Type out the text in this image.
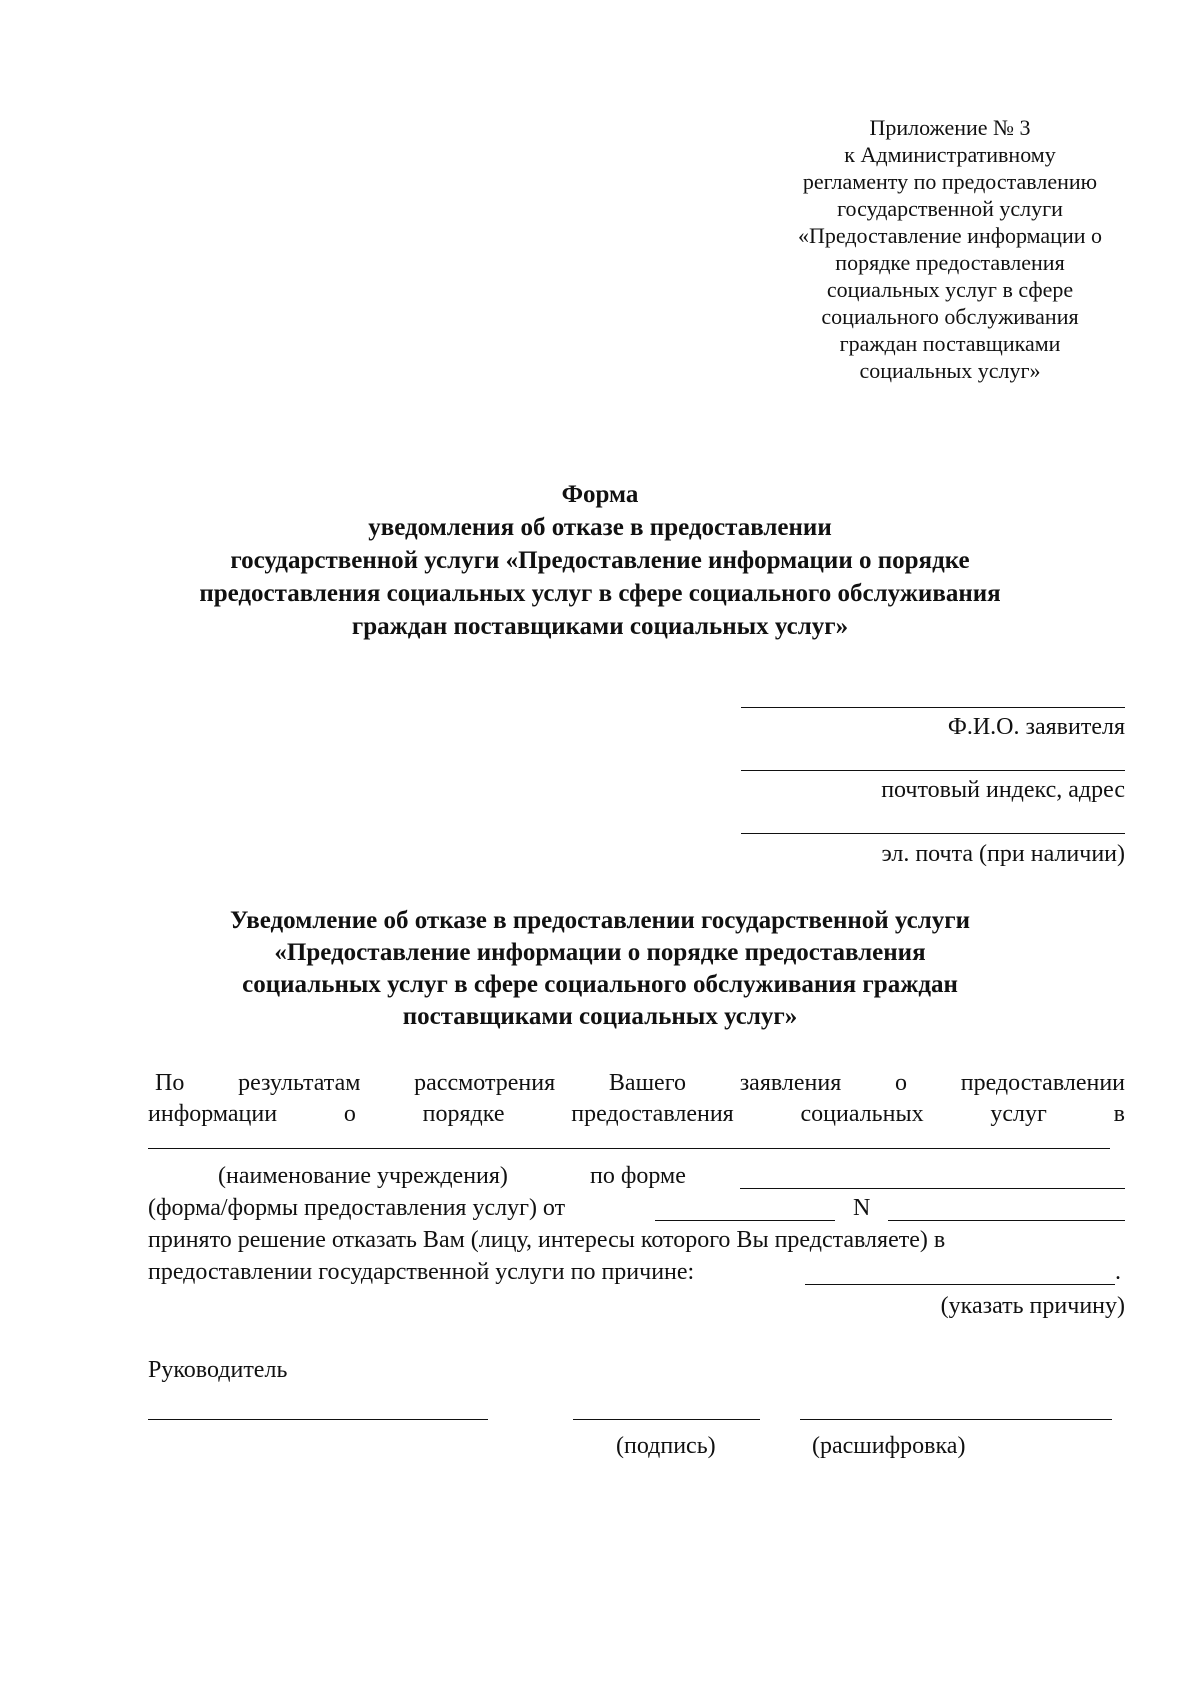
Приложение № 3
к Административному
регламенту по предоставлению
государственной услуги
«Предоставление информации о
порядке предоставления
социальных услуг в сфере
социального обслуживания
граждан поставщиками
социальных услуг»
Форма
уведомления об отказе в предоставлении
государственной услуги «Предоставление информации о порядке
предоставления социальных услуг в сфере социального обслуживания
граждан поставщиками социальных услуг»
Ф.И.О. заявителя
почтовый индекс, адрес
эл. почта (при наличии)
Уведомление об отказе в предоставлении государственной услуги
«Предоставление информации о порядке предоставления
социальных услуг в сфере социального обслуживания граждан
поставщиками социальных услуг»
По результатам рассмотрения Вашего заявления о предоставлении
информации	о	порядке	предоставления	социальных	услуг	в
(наименование учреждения)	по форме
(форма/формы предоставления услуг) от	N
принято решение отказать Вам (лицу, интересы которого Вы представляете) в
предоставлении государственной услуги по причине:	.
(указать причину)
Руководитель
(подпись)	(расшифровка)
